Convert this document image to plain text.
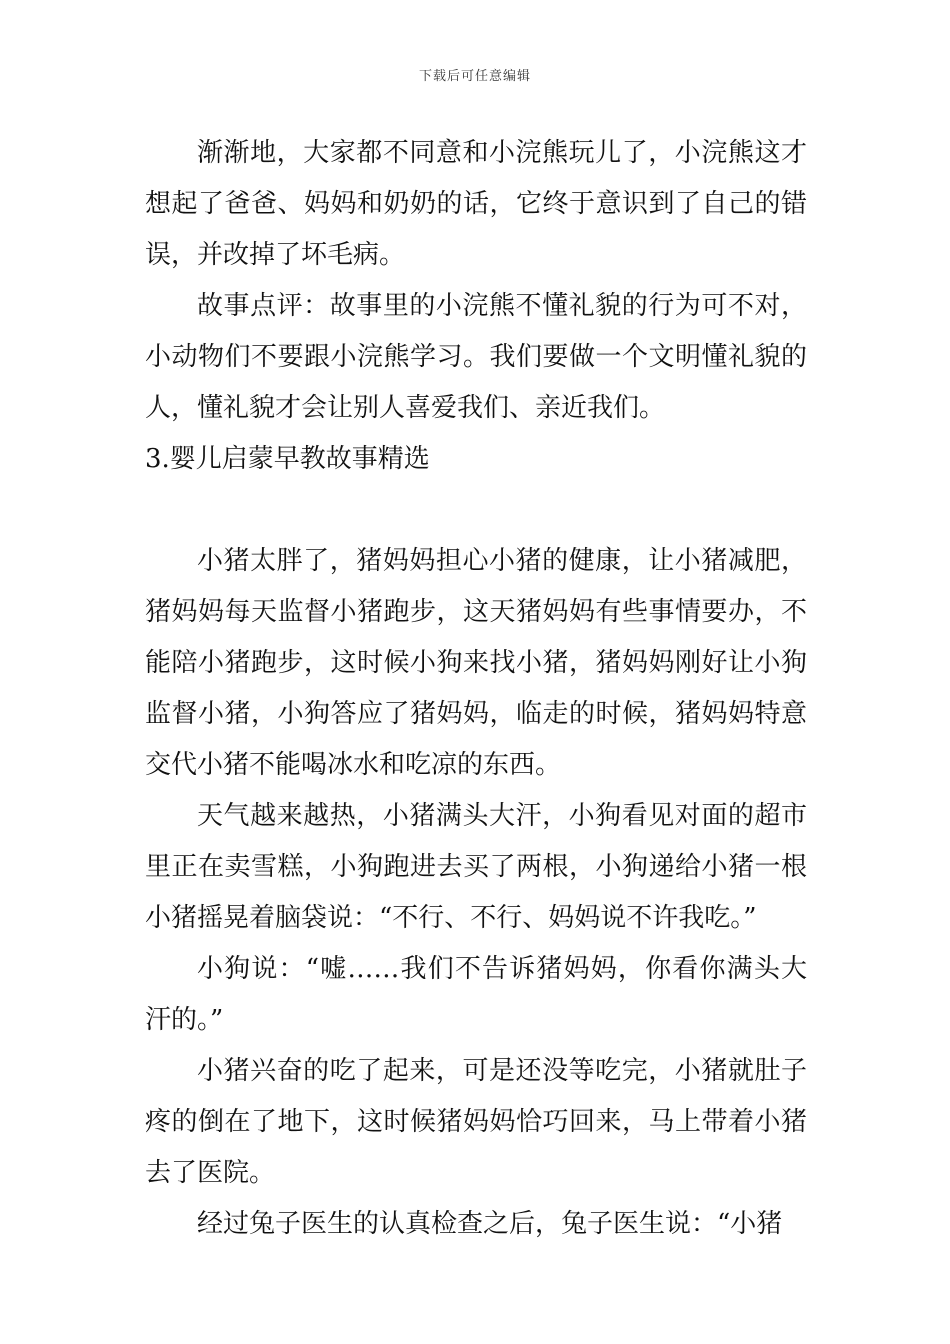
下载后可任意编辑

渐渐地，大家都不同意和小浣熊玩儿了，小浣熊这才想起了爸爸、妈妈和奶奶的话，它终于意识到了自己的错误，并改掉了坏毛病。

故事点评：故事里的小浣熊不懂礼貌的行为可不对，小动物们不要跟小浣熊学习。我们要做一个文明懂礼貌的人，懂礼貌才会让别人喜爱我们、亲近我们。

3.婴儿启蒙早教故事精选

小猪太胖了，猪妈妈担心小猪的健康，让小猪减肥，猪妈妈每天监督小猪跑步，这天猪妈妈有些事情要办，不能陪小猪跑步，这时候小狗来找小猪，猪妈妈刚好让小狗监督小猪，小狗答应了猪妈妈，临走的时候，猪妈妈特意交代小猪不能喝冰水和吃凉的东西。

天气越来越热，小猪满头大汗，小狗看见对面的超市里正在卖雪糕，小狗跑进去买了两根，小狗递给小猪一根小猪摇晃着脑袋说：“不行、不行、妈妈说不许我吃。”

小狗说：“嘘……我们不告诉猪妈妈，你看你满头大汗的。”

小猪兴奋的吃了起来，可是还没等吃完，小猪就肚子疼的倒在了地下，这时候猪妈妈恰巧回来，马上带着小猪去了医院。

经过兔子医生的认真检查之后，兔子医生说：“小猪
